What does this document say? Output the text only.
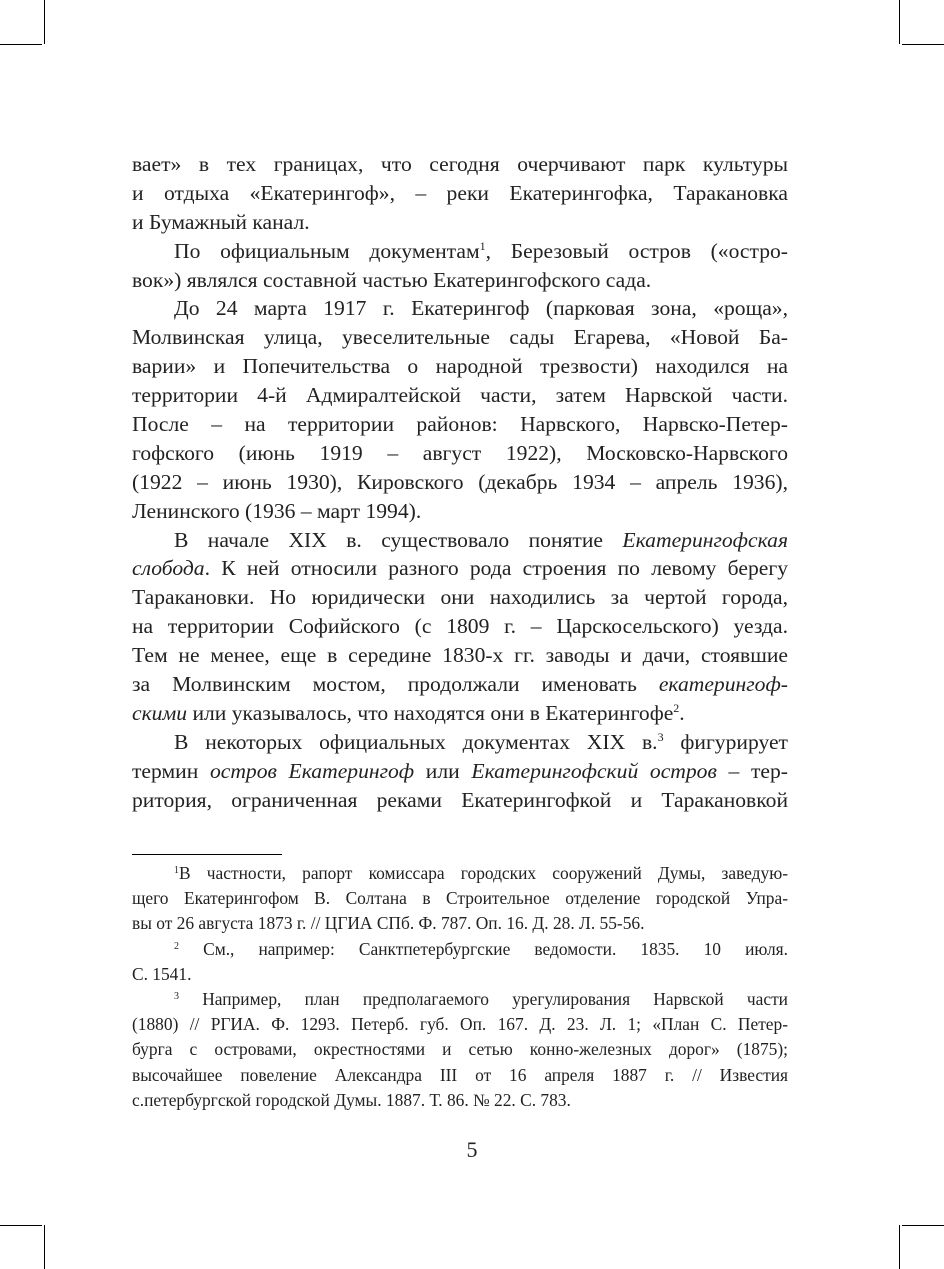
вает» в тех границах, что сегодня очерчивают парк культуры
и отдыха «Екатерингоф», – реки Екатерингофка, Таракановка
и Бумажный канал.
По официальным документам$^1$, Березовый остров («остро-
вок») являлся составной частью Екатерингофского сада.
До 24 марта 1917 г. Екатерингоф (парковая зона, «роща»,
Молвинская улица, увеселительные сады Егарева, «Новой Ба-
варии» и Попечительства о народной трезвости) находился на
территории 4-й Адмиралтейской части, затем Нарвской части.
После – на территории районов: Нарвского, Нарвско-Петер-
гофского (июнь 1919 – август 1922), Московско-Нарвского
(1922 – июнь 1930), Кировского (декабрь 1934 – апрель 1936),
Ленинского (1936 – март 1994).
В начале XIX в. существовало понятие Екатерингофская
слобода. К ней относили разного рода строения по левому берегу
Таракановки. Но юридически они находились за чертой города,
на территории Софийского (с 1809 г. – Царскосельского) уезда.
Тем не менее, еще в середине 1830-х гг. заводы и дачи, стоявшие
за Молвинским мостом, продолжали именовать екатерингоф-
скими или указывалось, что находятся они в Екатерингофе$^2$.
В некоторых официальных документах XIX в.$^3$ фигурирует
термин остров Екатерингоф или Екатерингофский остров – тер-
ритория, ограниченная реками Екатерингофкой и Таракановкой
$^1$В частности, рапорт комиссара городских сооружений Думы, заведую-
щего Екатерингофом В. Солтана в Строительное отделение городской Упра-
вы от 26 августа 1873 г. // ЦГИА СПб. Ф. 787. Оп. 16. Д. 28. Л. 55-56.
$^2$ См., например: Санктпетербургские ведомости. 1835. 10 июля.
С. 1541.
$^3$ Например, план предполагаемого урегулирования Нарвской части
(1880) // РГИА. Ф. 1293. Петерб. губ. Оп. 167. Д. 23. Л. 1; «План С. Петер-
бурга с островами, окрестностями и сетью конно-железных дорог» (1875);
высочайшее повеление Александра III от 16 апреля 1887 г. // Известия
с.петербургской городской Думы. 1887. Т. 86. № 22. С. 783.
5
